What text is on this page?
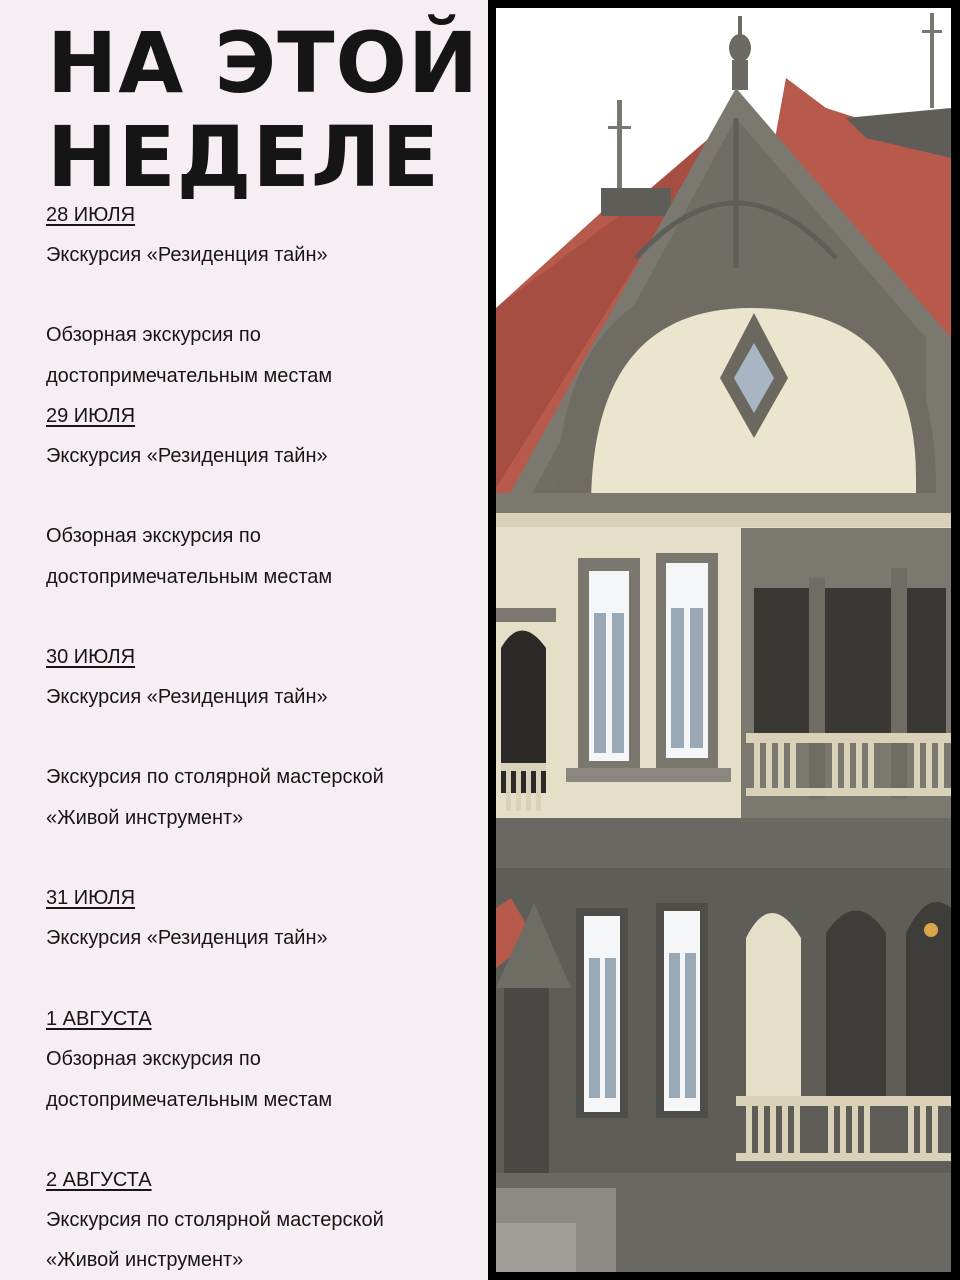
НА ЭТОЙ
НЕДЕЛЕ
28 ИЮЛЯ
Экскурсия «Резиденция тайн»
Обзорная экскурсия по
достопримечательным местам
29 ИЮЛЯ
Экскурсия «Резиденция тайн»
Обзорная экскурсия по
достопримечательным местам
30 ИЮЛЯ
Экскурсия «Резиденция тайн»
Экскурсия по столярной мастерской
«Живой инструмент»
31 ИЮЛЯ
Экскурсия «Резиденция тайн»
1 АВГУСТА
Обзорная экскурсия по
достопримечательным местам
2 АВГУСТА
Экскурсия по столярной мастерской
«Живой инструмент»
